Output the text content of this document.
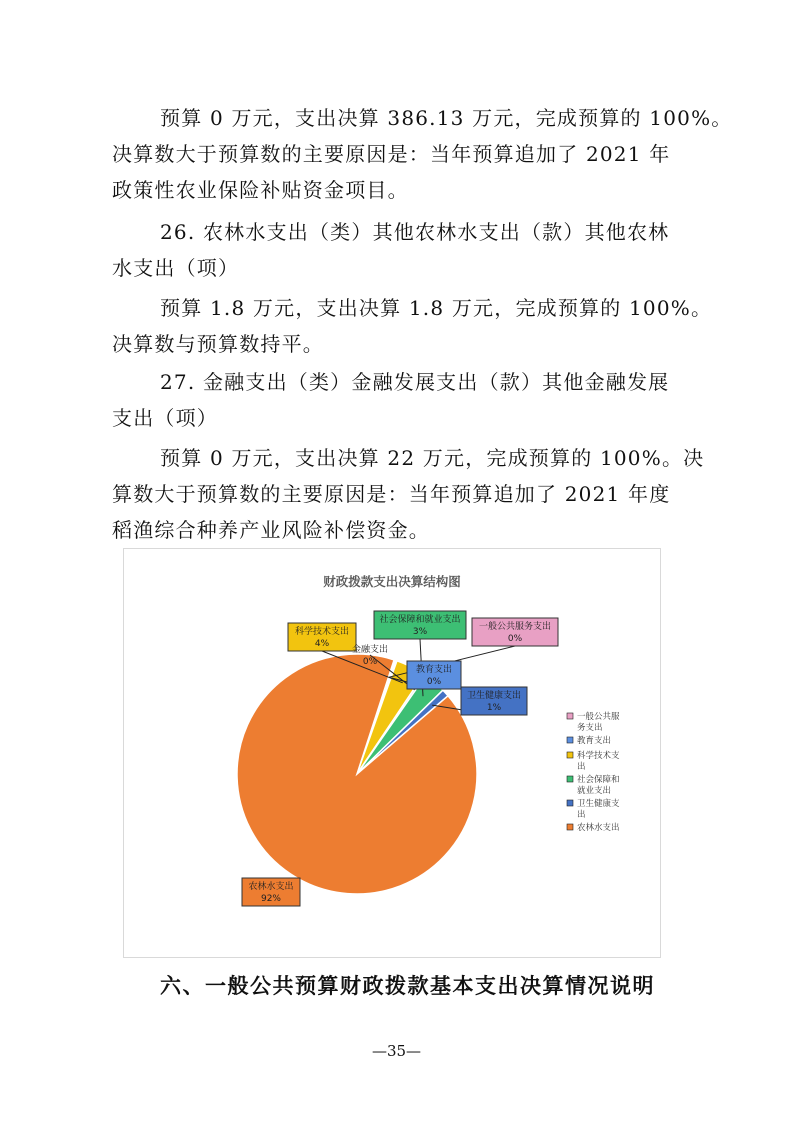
预算 0 万元，支出决算 386.13 万元，完成预算的 100%。
决算数大于预算数的主要原因是：当年预算追加了 2021 年
政策性农业保险补贴资金项目。

26. 农林水支出（类）其他农林水支出（款）其他农林
水支出（项）

预算 1.8 万元，支出决算 1.8 万元，完成预算的 100%。
决算数与预算数持平。

27. 金融支出（类）金融发展支出（款）其他金融发展
支出（项）

预算 0 万元，支出决算 22 万元，完成预算的 100%。决
算数大于预算数的主要原因是：当年预算追加了 2021 年度
稻渔综合种养产业风险补偿资金。

财政拨款支出决算结构图
一般公共服务支出
0%
教育支出
0%
科学技术支出
4%
金融支出
0%
社会保障和就业支出
3%
卫生健康支出
1%
农林水支出
92%
一般公共服
务支出
教育支出
科学技术支
出
社会保障和
就业支出
卫生健康支
出
农林水支出
六、一般公共预算财政拨款基本支出决算情况说明
—35—
